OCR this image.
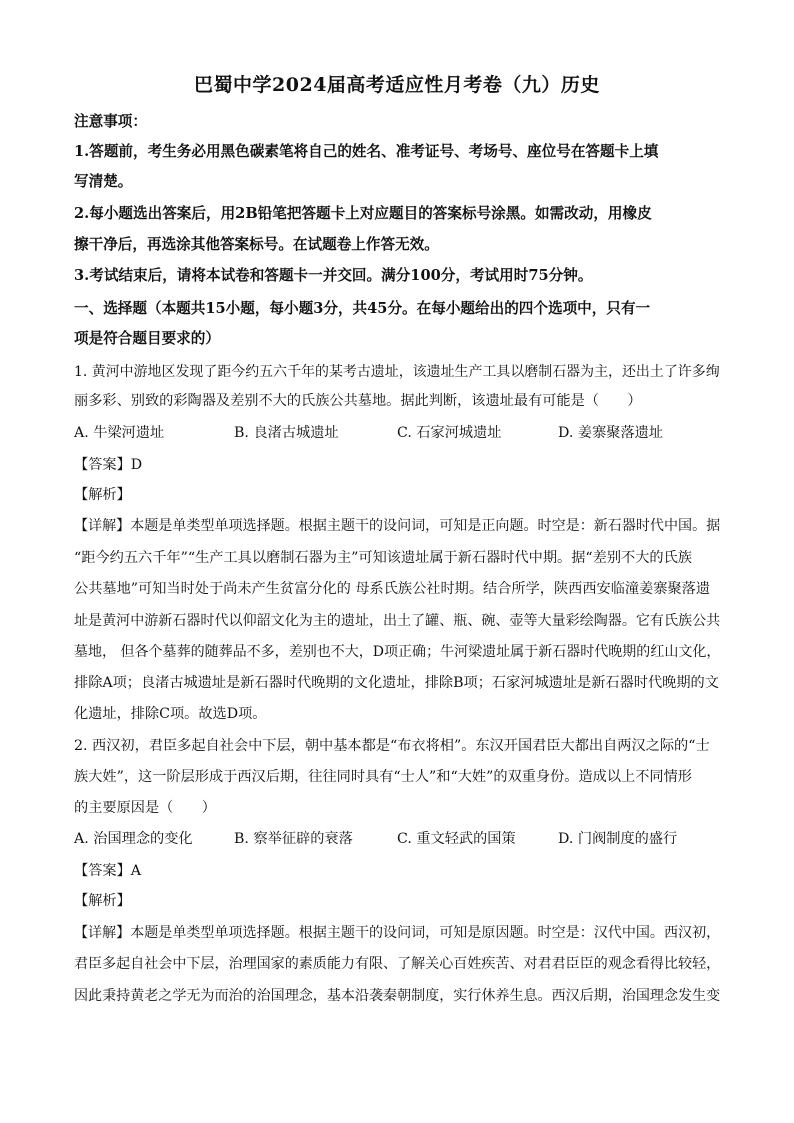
巴蜀中学2024届高考适应性月考卷（九）历史
注意事项：
1.答题前，考生务必用黑色碳素笔将自己的姓名、准考证号、考场号、座位号在答题卡上填
写清楚。
2.每小题选出答案后，用2B铅笔把答题卡上对应题目的答案标号涂黑。如需改动，用橡皮
擦干净后，再选涂其他答案标号。在试题卷上作答无效。
3.考试结束后，请将本试卷和答题卡一并交回。满分100分，考试用时75分钟。
一、选择题（本题共15小题，每小题3分，共45分。在每小题给出的四个选项中，只有一
项是符合题目要求的）
1. 黄河中游地区发现了距今约五六千年的某考古遗址，该遗址生产工具以磨制石器为主，还出土了许多绚
丽多彩、别致的彩陶器及差别不大的氏族公共墓地。据此判断，该遗址最有可能是（　　）
A. 牛梁河遗址	B. 良渚古城遗址	C. 石家河城遗址	D. 姜寨聚落遗址
【答案】D
【解析】
【详解】本题是单类型单项选择题。根据主题干的设问词，可知是正向题。时空是：新石器时代中国。据
“距今约五六千年”“生产工具以磨制石器为主”可知该遗址属于新石器时代中期。据“差别不大的氏族
公共墓地”可知当时处于尚未产生贫富分化的 母系氏族公社时期。结合所学，陕西西安临潼姜寨聚落遗
址是黄河中游新石器时代以仰韶文化为主的遗址，出土了罐、瓶、碗、壶等大量彩绘陶器。它有氏族公共
墓地， 但各个墓葬的随葬品不多，差别也不大，D项正确；牛河梁遗址属于新石器时代晚期的红山文化，
排除A项；良渚古城遗址是新石器时代晚期的文化遗址，排除B项；石家河城遗址是新石器时代晚期的文
化遗址，排除C项。故选D项。
2. 西汉初，君臣多起自社会中下层，朝中基本都是“布衣将相”。东汉开国君臣大都出自两汉之际的“士
族大姓”，这一阶层形成于西汉后期，往往同时具有“士人”和“大姓”的双重身份。造成以上不同情形
的主要原因是（　　）
A. 治国理念的变化	B. 察举征辟的衰落	C. 重文轻武的国策	D. 门阀制度的盛行
【答案】A
【解析】
【详解】本题是单类型单项选择题。根据主题干的设问词，可知是原因题。时空是：汉代中国。西汉初，
君臣多起自社会中下层，治理国家的素质能力有限、了解关心百姓疾苦、对君君臣臣的观念看得比较轻，
因此秉持黄老之学无为而治的治国理念，基本沿袭秦朝制度，实行休养生息。西汉后期，治国理念发生变
